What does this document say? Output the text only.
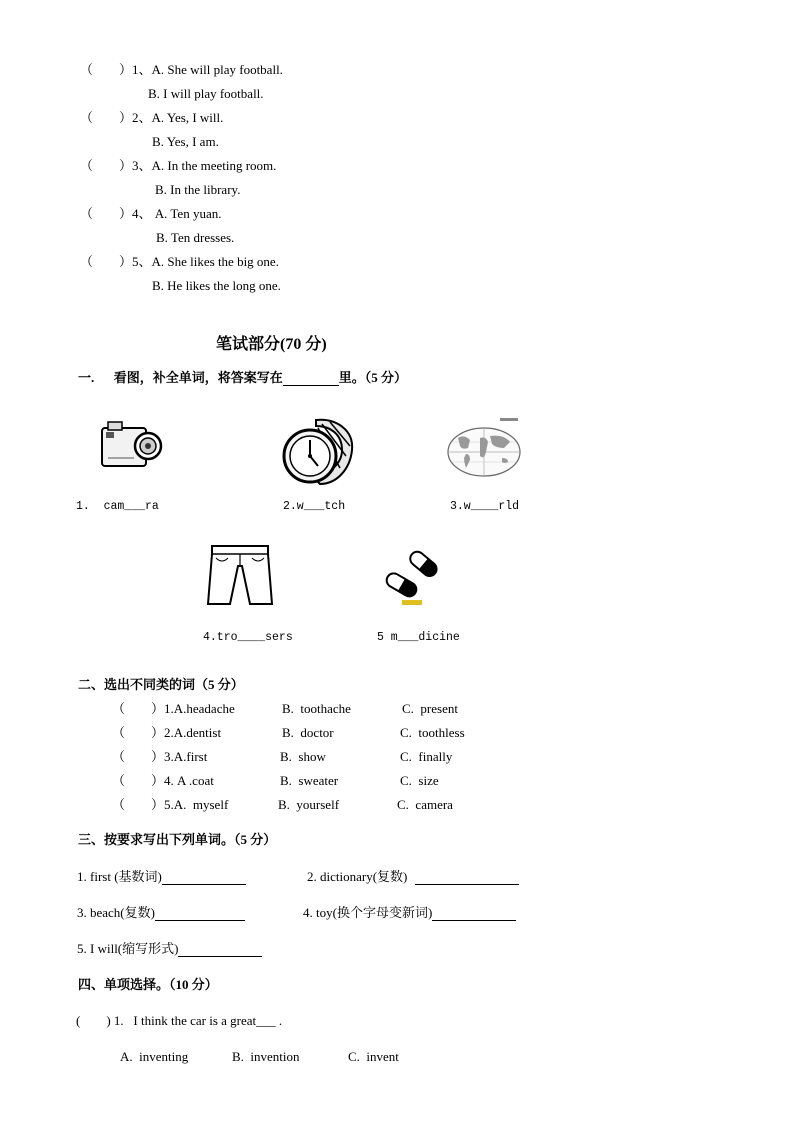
（        ）1、A. She will play football.
B. I will play football.
（        ）2、A. Yes, I will.
B. Yes, I am.
（        ）3、A. In the meeting room.
B. In the library.
（        ）4、 A. Ten yuan.
B. Ten dresses.
（        ）5、A. She likes the big one.
B. He likes the long one.
笔试部分(70 分)
一.      看图，补全单词，将答案写在	里。（5 分）
1.  cam___ra	2.w___tch	3.w____rld
4.tro____sers	5 m___dicine
二、选出不同类的词（5 分）
（        ）1.A.headache	B.  toothache	C.  present
（        ）2.A.dentist	B.  doctor	C.  toothless
（        ）3.A.first	B.  show	C.  finally
（        ）4. A .coat	B.  sweater	C.  size
（        ）5.A.  myself	B.  yourself	C.  camera
三、按要求写出下列单词。（5 分）
1. first (基数词)	2. dictionary(复数)
3. beach(复数)	4. toy(换个字母变新词)
5. I will(缩写形式)
四、单项选择。（10 分）
(        ) 1.   I think the car is a great___ .
A.  inventing	B.  invention	C.  invent
